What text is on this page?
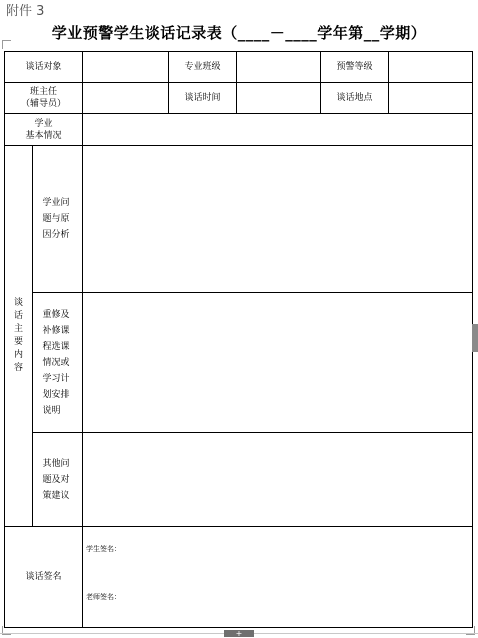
附件 3
学业预警学生谈话记录表（____－____学年第__学期）
谈话对象			专业班级		预警等级	

班主任
（辅导员）			谈话时间		谈话地点	

学业
基本情况						

谈话主要内容	学业问题与原因分析					
	重修及补修课程选课情况或学习计划安排说明					
	其他问题及对策建议					
谈话签名		学生签名：
老师签名：				
+
